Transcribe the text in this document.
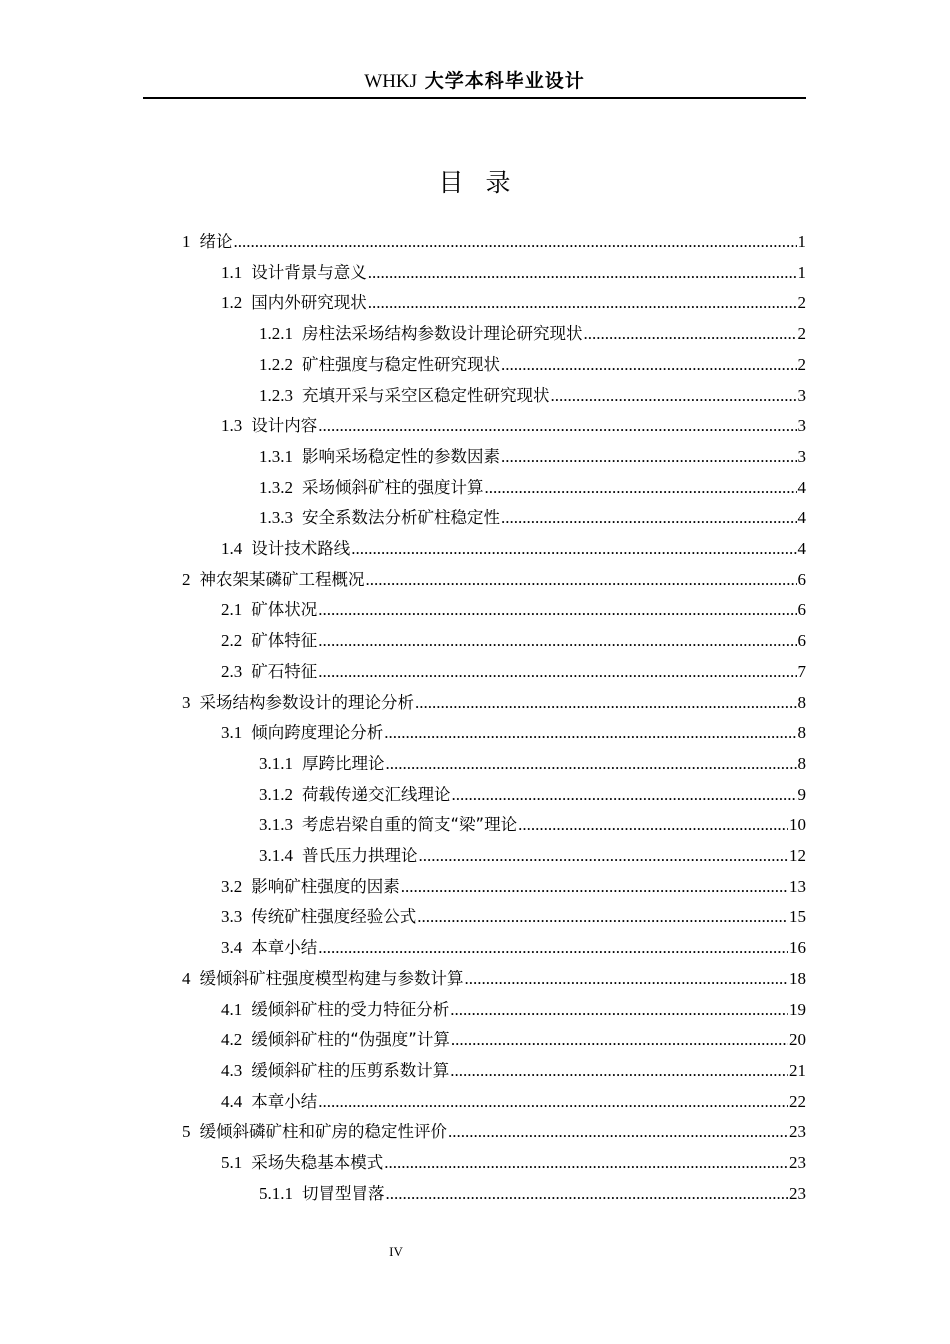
WHKJ 大学本科毕业设计
目录
1 绪论 .....	1
1.1 设计背景与意义 .....	1
1.2 国内外研究现状 .....	2
1.2.1 房柱法采场结构参数设计理论研究现状 .....	2
1.2.2 矿柱强度与稳定性研究现状 .....	2
1.2.3 充填开采与采空区稳定性研究现状 .....	3
1.3 设计内容 .....	3
1.3.1 影响采场稳定性的参数因素 .....	3
1.3.2 采场倾斜矿柱的强度计算 .....	4
1.3.3 安全系数法分析矿柱稳定性 .....	4
1.4 设计技术路线 .....	4
2 神农架某磷矿工程概况 .....	6
2.1 矿体状况 .....	6
2.2 矿体特征 .....	6
2.3 矿石特征 .....	7
3 采场结构参数设计的理论分析 .....	8
3.1 倾向跨度理论分析 .....	8
3.1.1 厚跨比理论 .....	8
3.1.2 荷载传递交汇线理论 .....	9
3.1.3 考虑岩梁自重的简支“梁”理论 .....	10
3.1.4 普氏压力拱理论 .....	12
3.2 影响矿柱强度的因素 .....	13
3.3 传统矿柱强度经验公式 .....	15
3.4 本章小结 .....	16
4 缓倾斜矿柱强度模型构建与参数计算 .....	18
4.1 缓倾斜矿柱的受力特征分析 .....	19
4.2 缓倾斜矿柱的“伪强度”计算 .....	20
4.3 缓倾斜矿柱的压剪系数计算 .....	21
4.4 本章小结 .....	22
5 缓倾斜磷矿柱和矿房的稳定性评价 .....	23
5.1 采场失稳基本模式 .....	23
5.1.1 切冒型冒落 .....	23
IV
